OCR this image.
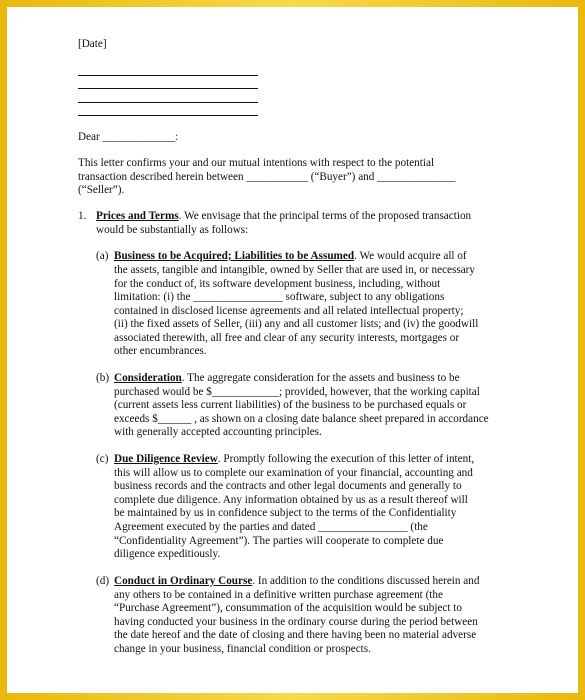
[Date]
Dear _____________:
This letter confirms your and our mutual intentions with respect to the potential
transaction described herein between ___________ (“Buyer”) and ______________
(“Seller”).
1. Prices and Terms. We envisage that the principal terms of the proposed transaction
would be substantially as follows:
(a) Business to be Acquired; Liabilities to be Assumed. We would acquire all of
the assets, tangible and intangible, owned by Seller that are used in, or necessary
for the conduct of, its software development business, including, without
limitation: (i) the ________________ software, subject to any obligations
contained in disclosed license agreements and all related intellectual property;
(ii) the fixed assets of Seller, (iii) any and all customer lists; and (iv) the goodwill
associated therewith, all free and clear of any security interests, mortgages or
other encumbrances.
(b) Consideration. The aggregate consideration for the assets and business to be
purchased would be $____________; provided, however, that the working capital
(current assets less current liabilities) of the business to be purchased equals or
exceeds $______ , as shown on a closing date balance sheet prepared in accordance
with generally accepted accounting principles.
(c) Due Diligence Review. Promptly following the execution of this letter of intent,
this will allow us to complete our examination of your financial, accounting and
business records and the contracts and other legal documents and generally to
complete due diligence. Any information obtained by us as a result thereof will
be maintained by us in confidence subject to the terms of the Confidentiality
Agreement executed by the parties and dated ________________ (the
“Confidentiality Agreement”). The parties will cooperate to complete due
diligence expeditiously.
(d) Conduct in Ordinary Course. In addition to the conditions discussed herein and
any others to be contained in a definitive written purchase agreement (the
“Purchase Agreement”), consummation of the acquisition would be subject to
having conducted your business in the ordinary course during the period between
the date hereof and the date of closing and there having been no material adverse
change in your business, financial condition or prospects.
